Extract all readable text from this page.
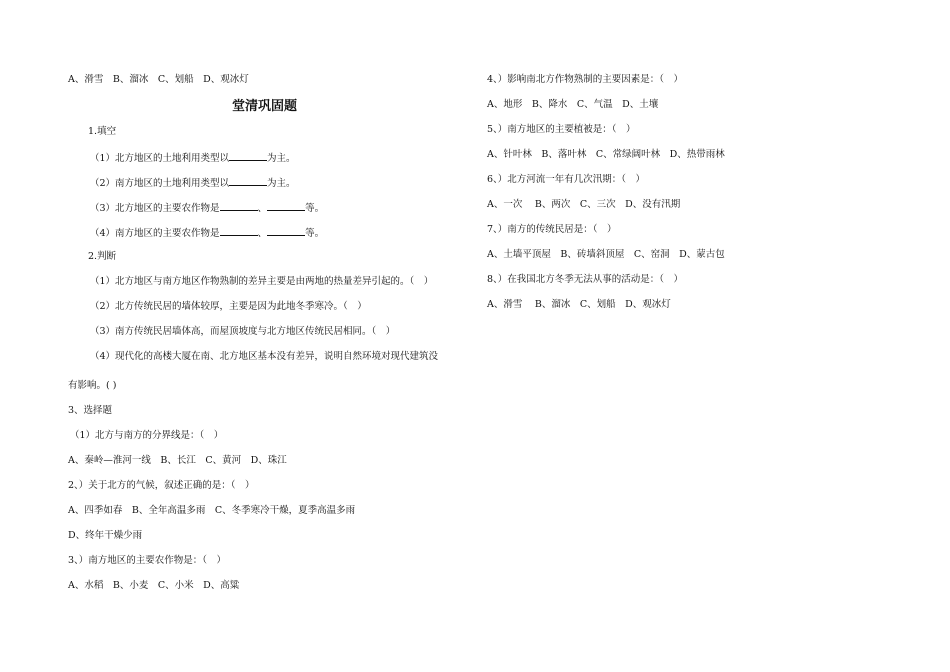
A、滑雪　B、溜冰　C、划船　D、观冰灯
堂清巩固题
1.填空
（1）北方地区的土地利用类型以	为主。
（2）南方地区的土地利用类型以	为主。
（3）北方地区的主要农作物是	、	等。
（4）南方地区的主要农作物是	、	等。
2.判断
（1）北方地区与南方地区作物熟制的差异主要是由两地的热量差异引起的。（　）
（2）北方传统民居的墙体较厚，主要是因为此地冬季寒冷。（　）
（3）南方传统民居墙体高，而屋顶坡度与北方地区传统民居相同。（　）
（4）现代化的高楼大厦在南、北方地区基本没有差异，说明自然环境对现代建筑没
有影响。( )
3、选择题
（1）北方与南方的分界线是：（　）
A、秦岭—淮河一线　B、长江　C、黄河　D、珠江
2、）关于北方的气候，叙述正确的是：（　）
A、四季如春　B、全年高温多雨　C、冬季寒冷干燥，夏季高温多雨
D、终年干燥少雨
3、）南方地区的主要农作物是：（　）
A、水稻　B、小麦　C、小米　D、高粱
4、）影响南北方作物熟制的主要因素是：（　）
A、地形　B、降水　C、气温　D、土壤
5、）南方地区的主要植被是：（　）
A、针叶林　B、落叶林　C、常绿阔叶林　D、热带雨林
6、）北方河流一年有几次汛期：（　）
A、一次　 B、两次　C、三次　D、没有汛期
7、）南方的传统民居是：（　）
A、土墙平顶屋　B、砖墙斜顶屋　C、窑洞　D、蒙古包
8、）在我国北方冬季无法从事的活动是：（　）
A、滑雪　 B、溜冰　C、划船　D、观冰灯
